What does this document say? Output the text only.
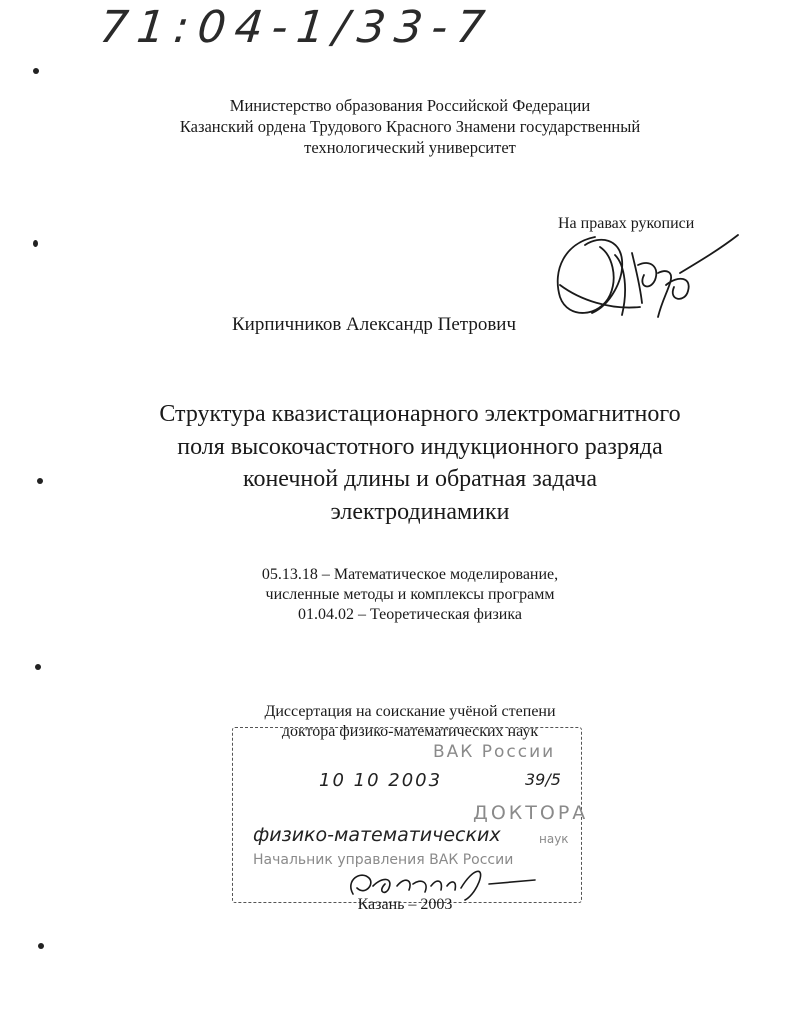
71:04-1/33-7
Министерство образования Российской Федерации
Казанский ордена Трудового Красного Знамени государственный
технологический университет
На правах рукописи
Кирпичников Александр Петрович
Структура квазистационарного электромагнитного
поля высокочастотного индукционного разряда
конечной длины и обратная задача
электродинамики
05.13.18 – Математическое моделирование,
численные методы и комплексы программ
01.04.02 – Теоретическая физика
Диссертация на соискание учёной степени
доктора физико-математических наук
ВАК России
10 10 2003	39/5
ДОКТОРА
физико-математических	наук
Начальник управления ВАК России
Казань – 2003
